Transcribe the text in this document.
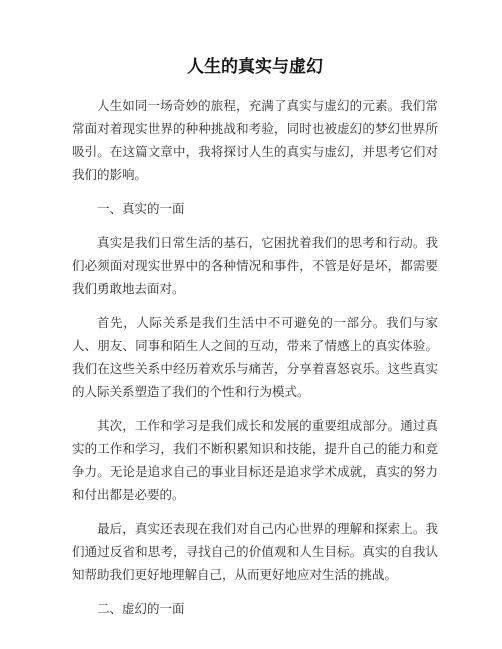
人生的真实与虚幻

人生如同一场奇妙的旅程，充满了真实与虚幻的元素。我们常常面对着现实世界的种种挑战和考验，同时也被虚幻的梦幻世界所吸引。在这篇文章中，我将探讨人生的真实与虚幻，并思考它们对我们的影响。

一、真实的一面

真实是我们日常生活的基石，它困扰着我们的思考和行动。我们必须面对现实世界中的各种情况和事件，不管是好是坏，都需要我们勇敢地去面对。

首先，人际关系是我们生活中不可避免的一部分。我们与家人、朋友、同事和陌生人之间的互动，带来了情感上的真实体验。我们在这些关系中经历着欢乐与痛苦，分享着喜怒哀乐。这些真实的人际关系塑造了我们的个性和行为模式。

其次，工作和学习是我们成长和发展的重要组成部分。通过真实的工作和学习，我们不断积累知识和技能，提升自己的能力和竞争力。无论是追求自己的事业目标还是追求学术成就，真实的努力和付出都是必要的。

最后，真实还表现在我们对自己内心世界的理解和探索上。我们通过反省和思考，寻找自己的价值观和人生目标。真实的自我认知帮助我们更好地理解自己，从而更好地应对生活的挑战。

二、虚幻的一面
